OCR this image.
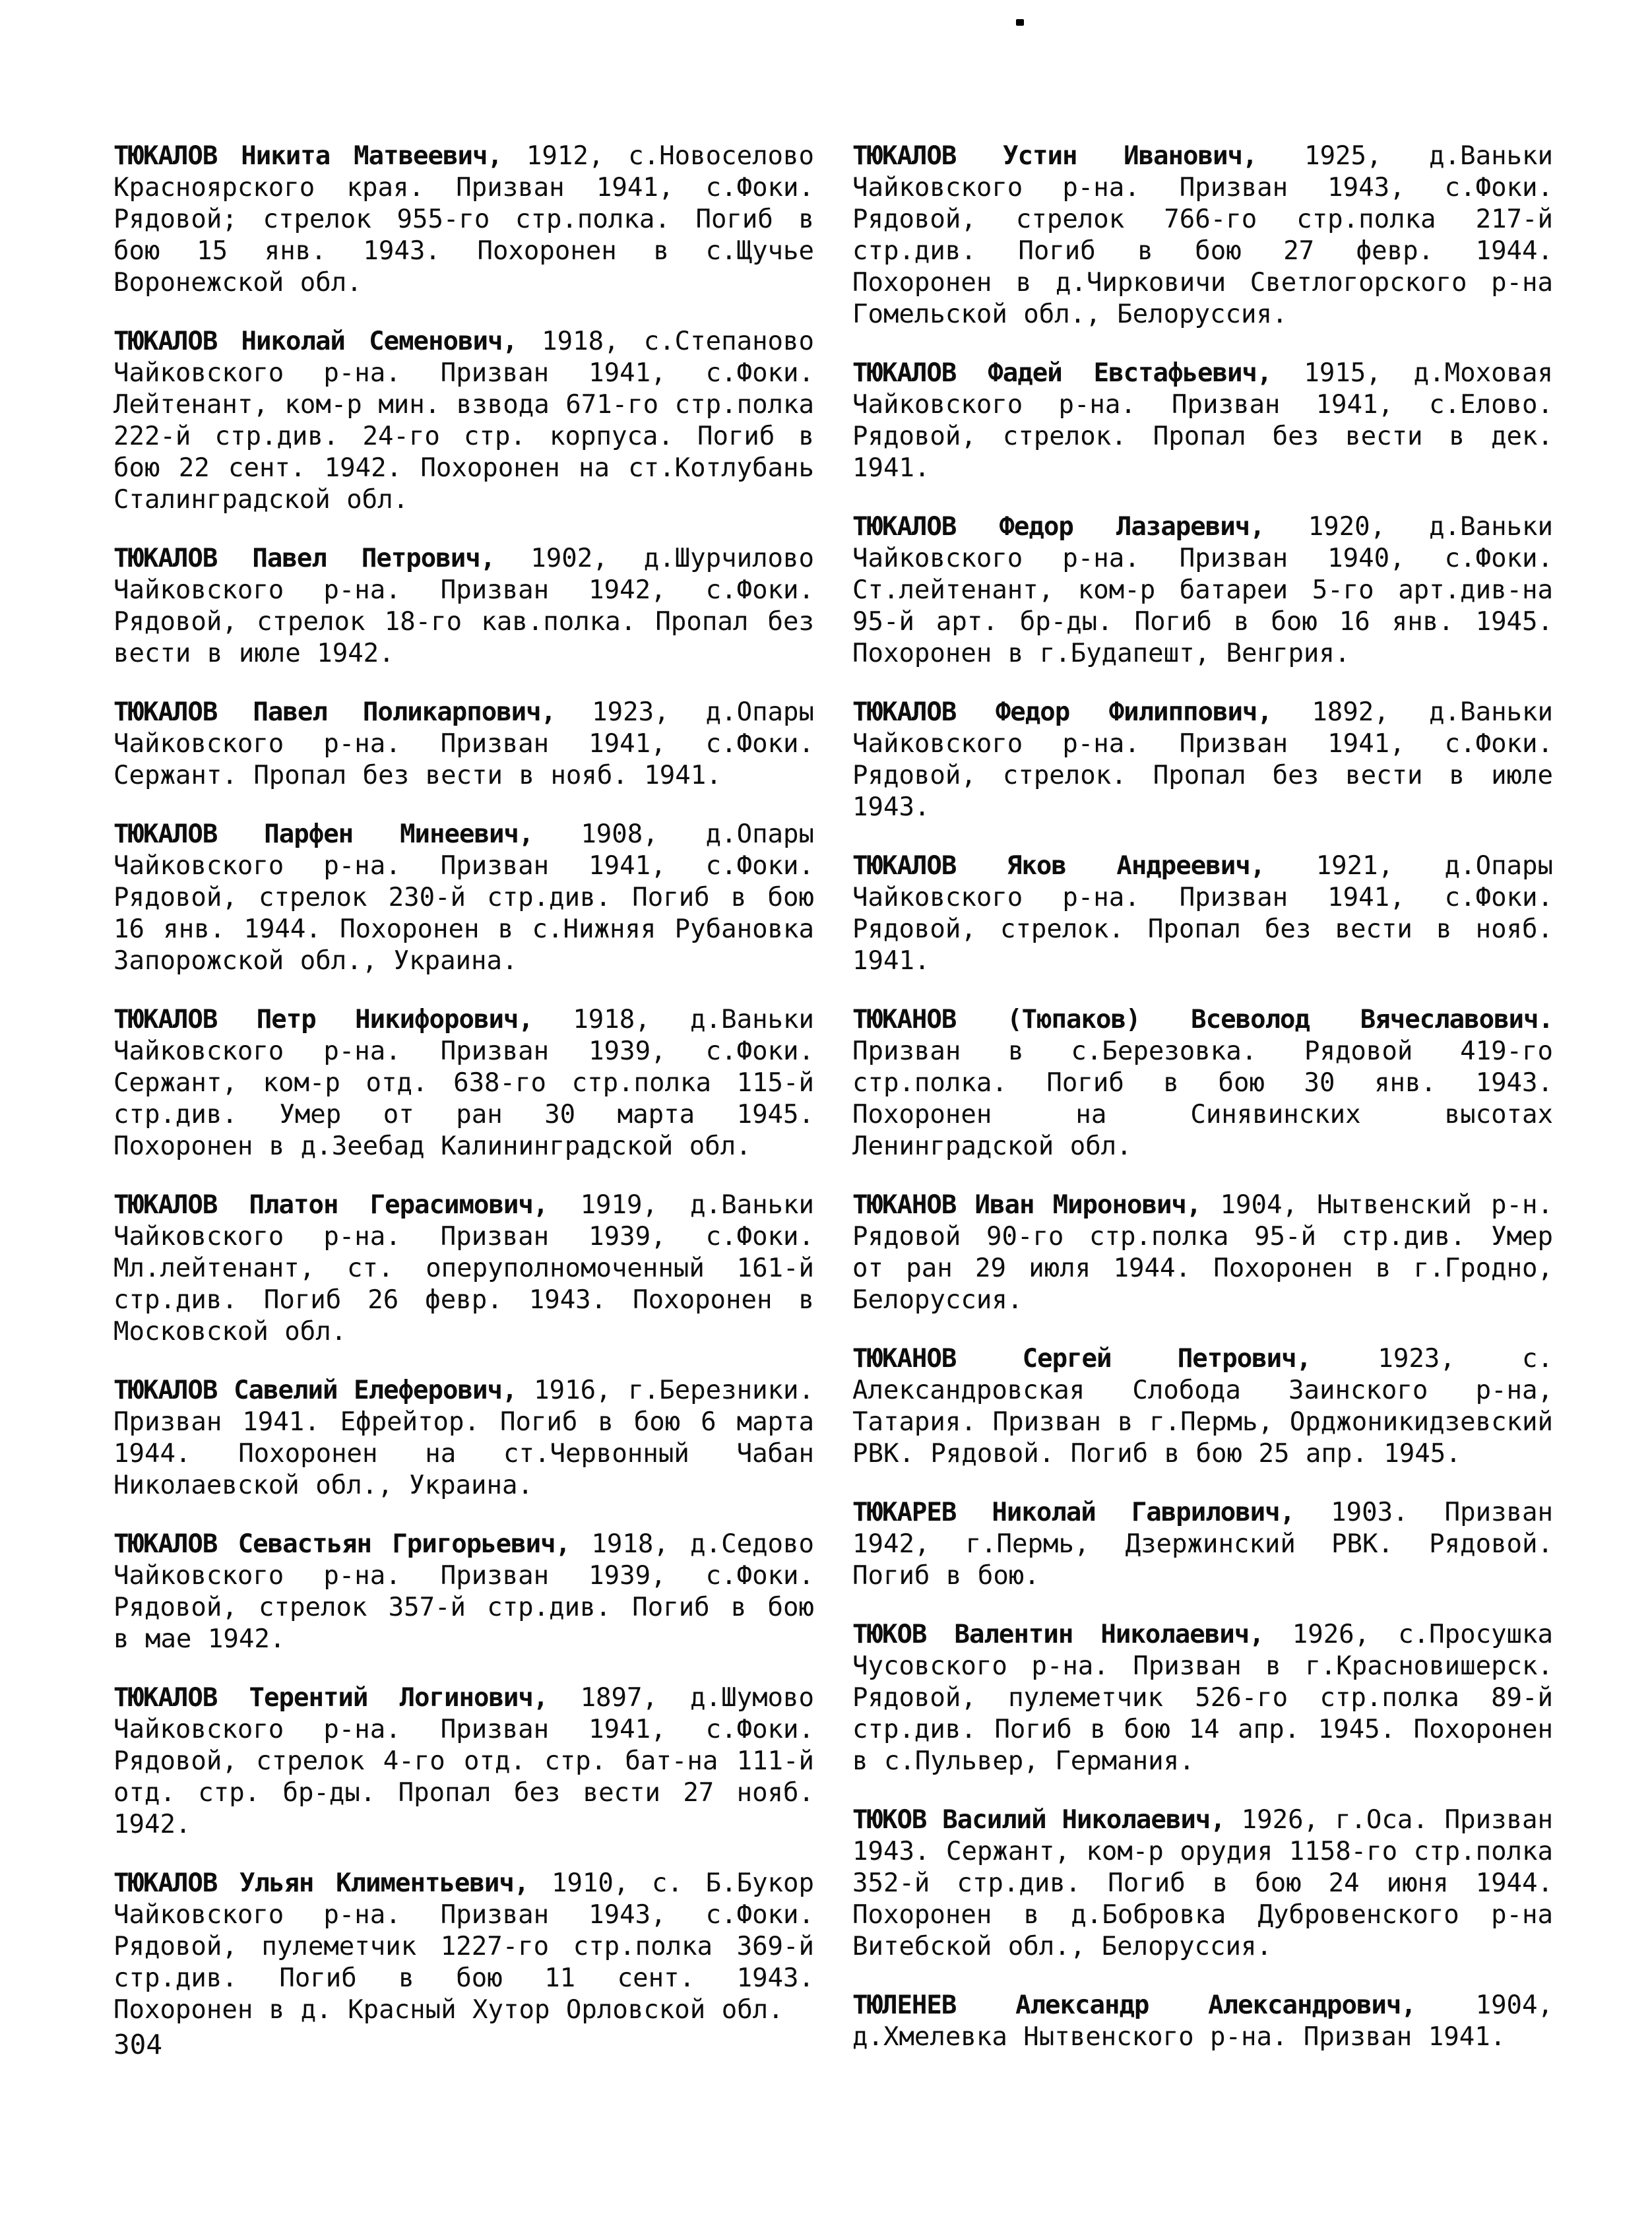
ТЮКАЛОВ Никита Матвеевич, 1912, с.Новоселово Красноярского края. Призван 1941, с.Фоки. Рядовой; стрелок 955-го стр.полка. Погиб в бою 15 янв. 1943. Похоронен в с.Щучье Воронежской обл.

ТЮКАЛОВ Николай Семенович, 1918, с.Степаново Чайковского р-на. Призван 1941, с.Фоки. Лейтенант, ком-р мин. взвода 671-го стр.полка 222-й стр.див. 24-го стр. корпуса. Погиб в бою 22 сент. 1942. Похоронен на ст.Котлубань Сталинградской обл.

ТЮКАЛОВ Павел Петрович, 1902, д.Шурчилово Чайковского р-на. Призван 1942, с.Фоки. Рядовой, стрелок 18-го кав.полка. Пропал без вести в июле 1942.

ТЮКАЛОВ Павел Поликарпович, 1923, д.Опары Чайковского р-на. Призван 1941, с.Фоки. Сержант. Пропал без вести в нояб. 1941.

ТЮКАЛОВ Парфен Минеевич, 1908, д.Опары Чайковского р-на. Призван 1941, с.Фоки. Рядовой, стрелок 230-й стр.див. Погиб в бою 16 янв. 1944. Похоронен в с.Нижняя Рубановка Запорожской обл., Украина.

ТЮКАЛОВ Петр Никифорович, 1918, д.Ваньки Чайковского р-на. Призван 1939, с.Фоки. Сержант, ком-р отд. 638-го стр.полка 115-й стр.див. Умер от ран 30 марта 1945. Похоронен в д.Зеебад Калининградской обл.

ТЮКАЛОВ Платон Герасимович, 1919, д.Ваньки Чайковского р-на. Призван 1939, с.Фоки. Мл.лейтенант, ст. оперуполномоченный 161-й стр.див. Погиб 26 февр. 1943. Похоронен в Московской обл.

ТЮКАЛОВ Савелий Елеферович, 1916, г.Березники. Призван 1941. Ефрейтор. Погиб в бою 6 марта 1944. Похоронен на ст.Червонный Чабан Николаевской обл., Украина.

ТЮКАЛОВ Севастьян Григорьевич, 1918, д.Седово Чайковского р-на. Призван 1939, с.Фоки. Рядовой, стрелок 357-й стр.див. Погиб в бою в мае 1942.

ТЮКАЛОВ Терентий Логинович, 1897, д.Шумово Чайковского р-на. Призван 1941, с.Фоки. Рядовой, стрелок 4-го отд. стр. бат-на 111-й отд. стр. бр-ды. Пропал без вести 27 нояб. 1942.

ТЮКАЛОВ Ульян Климентьевич, 1910, с. Б.Букор Чайковского р-на. Призван 1943, с.Фоки. Рядовой, пулеметчик 1227-го стр.полка 369-й стр.див. Погиб в бою 11 сент. 1943. Похоронен в д. Красный Хутор Орловской обл.

ТЮКАЛОВ Устин Иванович, 1925, д.Ваньки Чайковского р-на. Призван 1943, с.Фоки. Рядовой, стрелок 766-го стр.полка 217-й стр.див. Погиб в бою 27 февр. 1944. Похоронен в д.Чирковичи Светлогорского р-на Гомельской обл., Белоруссия.

ТЮКАЛОВ Фадей Евстафьевич, 1915, д.Моховая Чайковского р-на. Призван 1941, с.Елово. Рядовой, стрелок. Пропал без вести в дек. 1941.

ТЮКАЛОВ Федор Лазаревич, 1920, д.Ваньки Чайковского р-на. Призван 1940, с.Фоки. Ст.лейтенант, ком-р батареи 5-го арт.див-на 95-й арт. бр-ды. Погиб в бою 16 янв. 1945. Похоронен в г.Будапешт, Венгрия.

ТЮКАЛОВ Федор Филиппович, 1892, д.Ваньки Чайковского р-на. Призван 1941, с.Фоки. Рядовой, стрелок. Пропал без вести в июле 1943.

ТЮКАЛОВ Яков Андреевич, 1921, д.Опары Чайковского р-на. Призван 1941, с.Фоки. Рядовой, стрелок. Пропал без вести в нояб. 1941.

ТЮКАНОВ (Тюпаков) Всеволод Вячеславович. Призван в с.Березовка. Рядовой 419-го стр.полка. Погиб в бою 30 янв. 1943. Похоронен на Синявинских высотах Ленинградской обл.

ТЮКАНОВ Иван Миронович, 1904, Нытвенский р-н. Рядовой 90-го стр.полка 95-й стр.див. Умер от ран 29 июля 1944. Похоронен в г.Гродно, Белоруссия.

ТЮКАНОВ Сергей Петрович,	1923, с. Александровская Слобода Заинского р-на, Татария. Призван в г.Пермь, Орджоникидзевский РВК. Рядовой. Погиб в бою 25 апр. 1945.

ТЮКАРЕВ Николай Гаврилович, 1903. Призван 1942, г.Пермь, Дзержинский РВК. Рядовой. Погиб в бою.

ТЮКОВ Валентин Николаевич, 1926, с.Просушка Чусовского р-на. Призван в г.Красновишерск. Рядовой, пулеметчик 526-го стр.полка 89-й стр.див. Погиб в бою 14 апр. 1945. Похоронен в с.Пульвер, Германия.

ТЮКОВ Василий Николаевич, 1926, г.Оса. Призван 1943. Сержант, ком-р орудия 1158-го стр.полка 352-й стр.див. Погиб в бою 24 июня 1944. Похоронен в д.Бобровка Дубровенского р-на Витебской обл., Белоруссия.

ТЮЛЕНЕВ Александр Александрович, 1904, д.Хмелевка Нытвенского р-на. Призван 1941.

304
